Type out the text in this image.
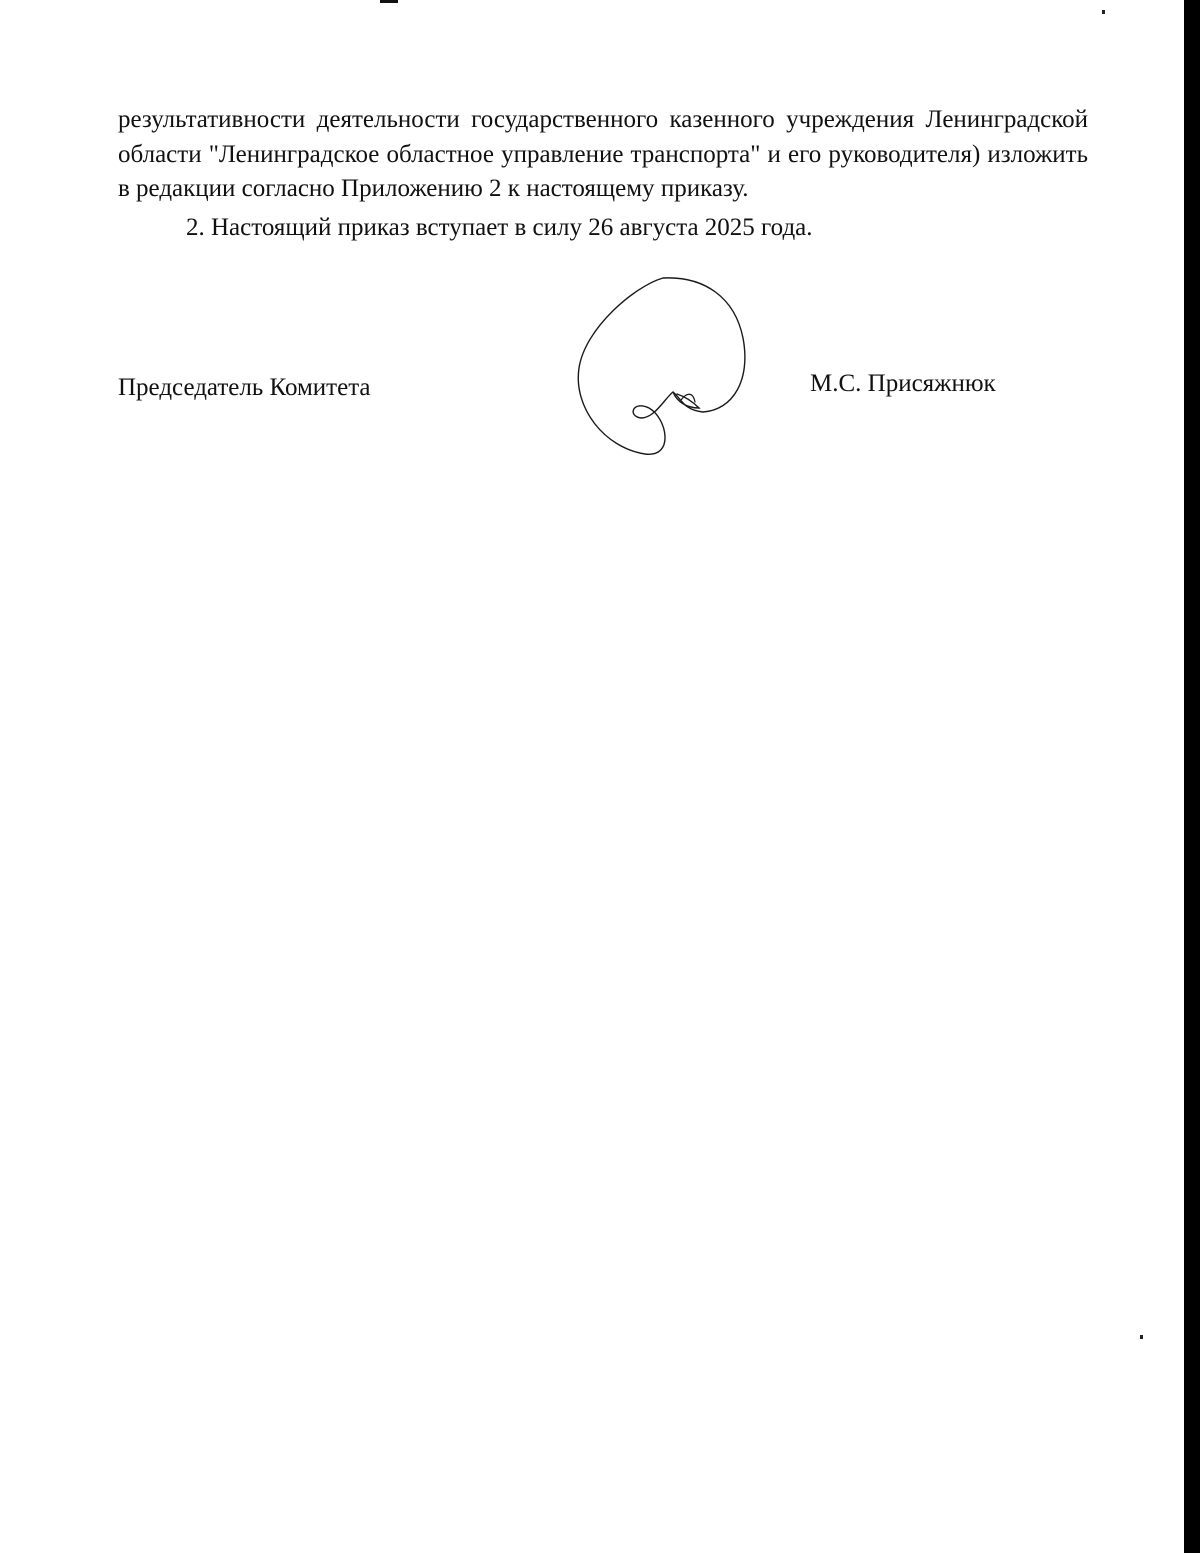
результативности деятельности государственного казенного учреждения Ленинградской области "Ленинградское областное управление транспорта" и его руководителя) изложить в редакции согласно Приложению 2 к настоящему приказу.

2. Настоящий приказ вступает в силу 26 августа 2025 года.

Председатель Комитета	М.С. Присяжнюк
